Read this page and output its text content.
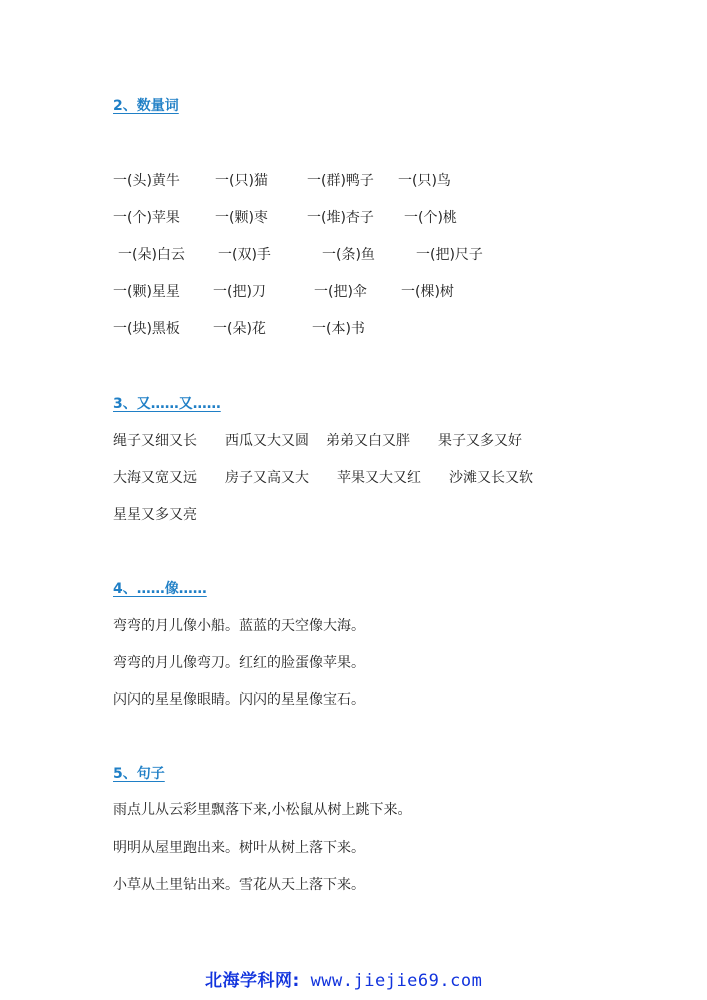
2、数量词
一(头)黄牛	一(只)猫	一(群)鸭子 一(只)鸟
一(个)苹果	一(颗)枣	一(堆)杏子 一(个)桃
一(朵)白云 一(双)手	一(条)鱼	一(把)尺子
一(颗)星星 一(把)刀	一(把)伞 一(棵)树
一(块)黑板 一(朵)花	一(本)书
3、又……又……
绳子又细又长 西瓜又大又圆 弟弟又白又胖 果子又多又好
大海又宽又远 房子又高又大 苹果又大又红 沙滩又长又软
星星又多又亮
4、……像……
弯弯的月儿像小船。蓝蓝的天空像大海。
弯弯的月儿像弯刀。红红的脸蛋像苹果。
闪闪的星星像眼睛。闪闪的星星像宝石。
5、句子
雨点儿从云彩里飘落下来,小松鼠从树上跳下来。
明明从屋里跑出来。树叶从树上落下来。
小草从土里钻出来。雪花从天上落下来。
北海学科网: www.jiejie69.com
